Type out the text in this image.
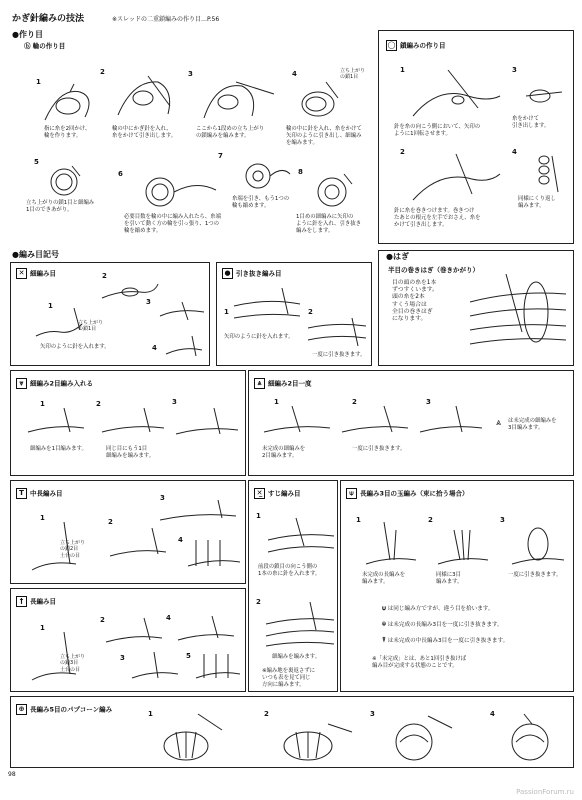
かぎ針編みの技法	※スレッドの二重鎖編みの作り目…P.56
●作り目
ⓑ 輪の作り目
1
指に糸を2回かけ、
輪を作ります。
2
輪の中にかぎ針を入れ、
糸をかけて引き出します。
3
ここから1段めの立ち上がり
の鎖編みを編みます。
4
輪の中に針を入れ、糸をかけて
矢印のように引き出し、細編み
を編みます。
立ち上がり
の鎖1目
5
立ち上がりの鎖1目と細編み
1目のできあがり。
6
必要目数を輪の中に編み入れたら、糸端
を引いて動く方の輪を引っ張り、1つの
輪を縮めます。
7
糸端を引き、もう1つの
輪も縮めます。
8
1目めの細編みに矢印の
ように針を入れ、引き抜き
編みをします。
◯ 鎖編みの作り目
1
針を糸の向こう側において、矢印の
ように1回転させます。
3
糸をかけて
引き出します。
2
針に糸を巻きつけます。巻きつけ
たあとの根元を左手でおさえ、糸を
かけて引き出します。
4
同様にくり返し
編みます。
●編み目記号
✕ 細編み目
1
立ち上がり
の鎖1目
2
3
4
矢印のように針を入れます。
● 引き抜き編み目
1
矢印のように針を入れます。
2
一度に引き抜きます。
●はぎ
半目の巻きはぎ（巻きかがり）
目の頭の糸を1本
ずつすくいます。
頭の糸を2本
すくう場合は
全目の巻きはぎ
になります。
⩔ 細編み2目編み入れる
1
細編みを1目編みます。
2
同じ目にもう1目
細編みを編みます。
3
⩓ 細編み2目一度
1
未完成の細編みを
2目編みます。
2
一度に引き抜きます。
3
⩓ は未完成の細編みを
3目編みます。
T 中長編み目
1
立ち上がり
の鎖2目
土台の目
2
3
4
✕̲ すじ編み目
1
前段の鎖目の向こう側の
1本の糸に針を入れます。
2
細編みを編みます。
※編み地を裏返さずに
いつも表を見て同じ
方向に編みます。
⍦ 長編み3目の玉編み（束に拾う場合）
1
未完成の長編みを
編みます。
2
同様に3目
編みます。
3
一度に引き抜きます。
⍦ は同じ編み方ですが、違う目を拾います。
⍟ は未完成の長編み3目を一度に引き抜きます。
⍒ は未完成の中長編み3目を一度に引き抜きます。
※「未完成」とは、あと1回引き抜けば
編み目が完成する状態のことです。
† 長編み目
1
立ち上がり
の鎖3目
土台の目
2
3
4
5
⊕ 長編み5目のパプコーン編み
1	2	3	4
98
PassionForum.ru
